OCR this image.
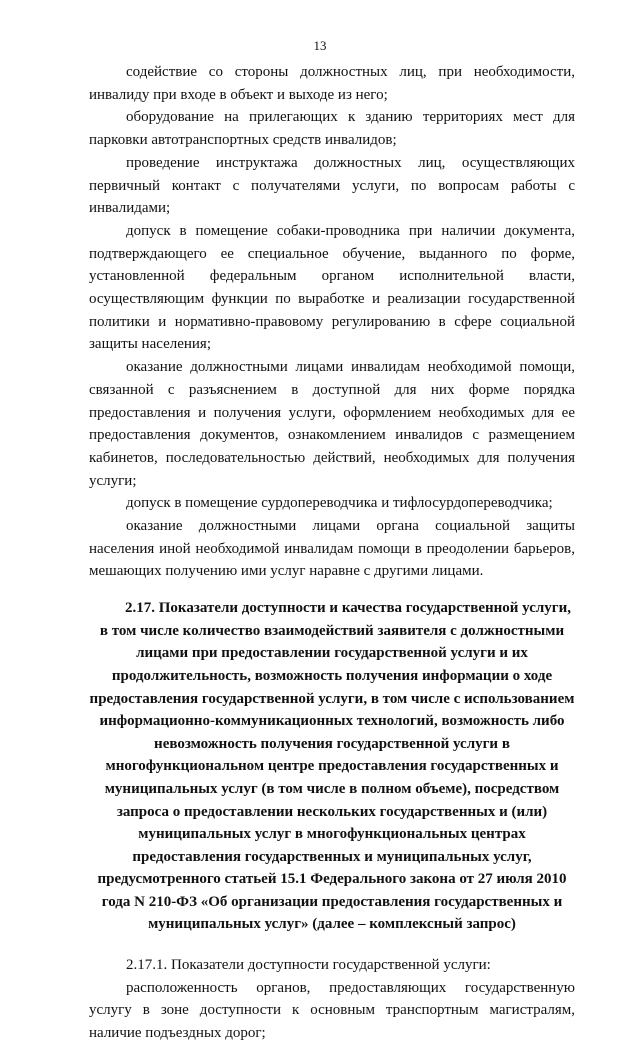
13

содействие со стороны должностных лиц, при необходимости, инвалиду при входе в объект и выходе из него;

оборудование на прилегающих к зданию территориях мест для парковки автотранспортных средств инвалидов;

проведение инструктажа должностных лиц, осуществляющих первичный контакт с получателями услуги, по вопросам работы с инвалидами;

допуск в помещение собаки-проводника при наличии документа, подтверждающего ее специальное обучение, выданного по форме, установленной федеральным органом исполнительной власти, осуществляющим функции по выработке и реализации государственной политики и нормативно-правовому регулированию в сфере социальной защиты населения;

оказание должностными лицами инвалидам необходимой помощи, связанной с разъяснением в доступной для них форме порядка предоставления и получения услуги, оформлением необходимых для ее предоставления документов, ознакомлением инвалидов с размещением кабинетов, последовательностью действий, необходимых для получения услуги;

допуск в помещение сурдопереводчика и тифлосурдопереводчика;

оказание должностными лицами органа социальной защиты населения иной необходимой инвалидам помощи в преодолении барьеров, мешающих получению ими услуг наравне с другими лицами.

2.17. Показатели доступности и качества государственной услуги, в том числе количество взаимодействий заявителя с должностными лицами при предоставлении государственной услуги и их продолжительность, возможность получения информации о ходе предоставления государственной услуги, в том числе с использованием информационно-коммуникационных технологий, возможность либо невозможность получения государственной услуги в многофункциональном центре предоставления государственных и муниципальных услуг (в том числе в полном объеме), посредством запроса о предоставлении нескольких государственных и (или) муниципальных услуг в многофункциональных центрах предоставления государственных и муниципальных услуг, предусмотренного статьей 15.1 Федерального закона от 27 июля 2010 года N 210-ФЗ «Об организации предоставления государственных и муниципальных услуг» (далее – комплексный запрос)

2.17.1. Показатели доступности государственной услуги:

расположенность органов, предоставляющих государственную услугу в зоне доступности к основным транспортным магистралям, наличие подъездных дорог;
